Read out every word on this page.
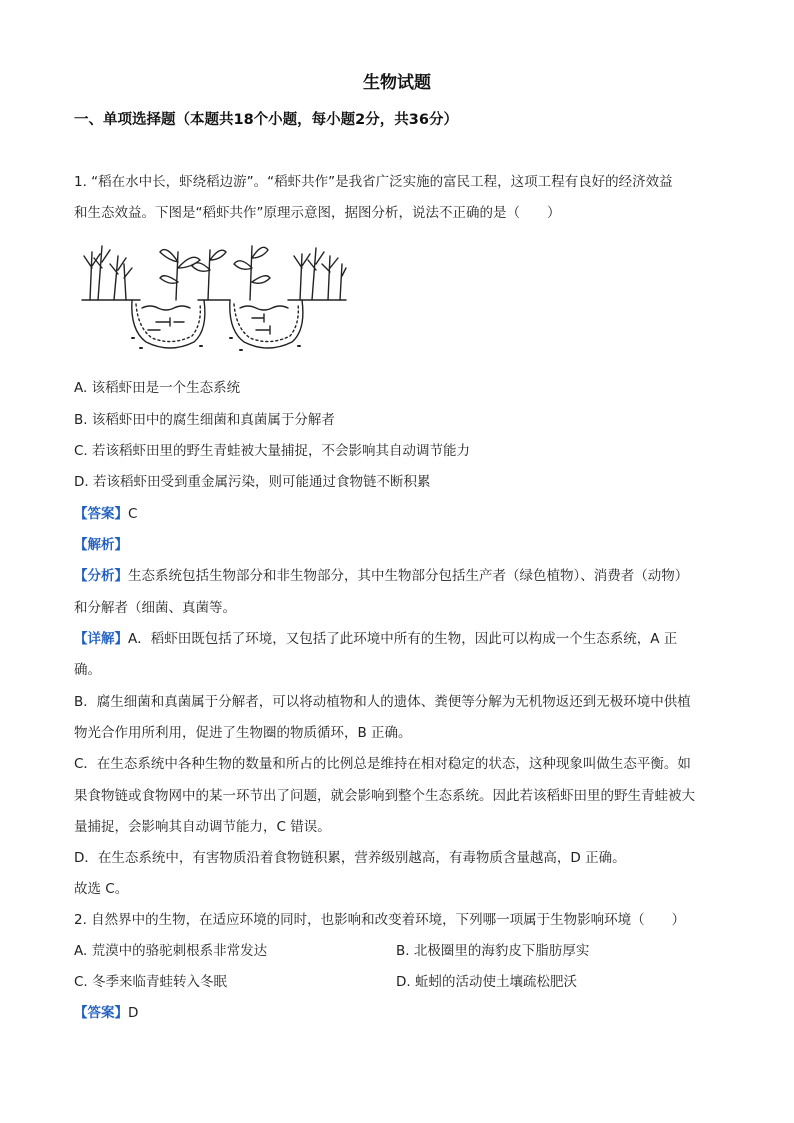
生物试题
一、单项选择题（本题共18个小题，每小题2分，共36分）
1. “稻在水中长，虾绕稻边游”。“稻虾共作”是我省广泛实施的富民工程，这项工程有良好的经济效益
和生态效益。下图是“稻虾共作”原理示意图，据图分析，说法不正确的是（　　）
A. 该稻虾田是一个生态系统
B. 该稻虾田中的腐生细菌和真菌属于分解者
C. 若该稻虾田里的野生青蛙被大量捕捉，不会影响其自动调节能力
D. 若该稻虾田受到重金属污染，则可能通过食物链不断积累
【答案】C
【解析】
【分析】生态系统包括生物部分和非生物部分，其中生物部分包括生产者（绿色植物）、消费者（动物）
和分解者（细菌、真菌等。
【详解】A．稻虾田既包括了环境，又包括了此环境中所有的生物，因此可以构成一个生态系统，A 正
确。
B．腐生细菌和真菌属于分解者，可以将动植物和人的遗体、粪便等分解为无机物返还到无极环境中供植
物光合作用所利用，促进了生物圈的物质循环，B 正确。
C．在生态系统中各种生物的数量和所占的比例总是维持在相对稳定的状态，这种现象叫做生态平衡。如
果食物链或食物网中的某一环节出了问题，就会影响到整个生态系统。因此若该稻虾田里的野生青蛙被大
量捕捉，会影响其自动调节能力，C 错误。
D．在生态系统中，有害物质沿着食物链积累，营养级别越高，有毒物质含量越高，D 正确。
故选 C。
2. 自然界中的生物，在适应环境的同时，也影响和改变着环境，下列哪一项属于生物影响环境（　　）
A. 荒漠中的骆驼刺根系非常发达	B. 北极圈里的海豹皮下脂肪厚实
C. 冬季来临青蛙转入冬眠	D. 蚯蚓的活动使土壤疏松肥沃
【答案】D
